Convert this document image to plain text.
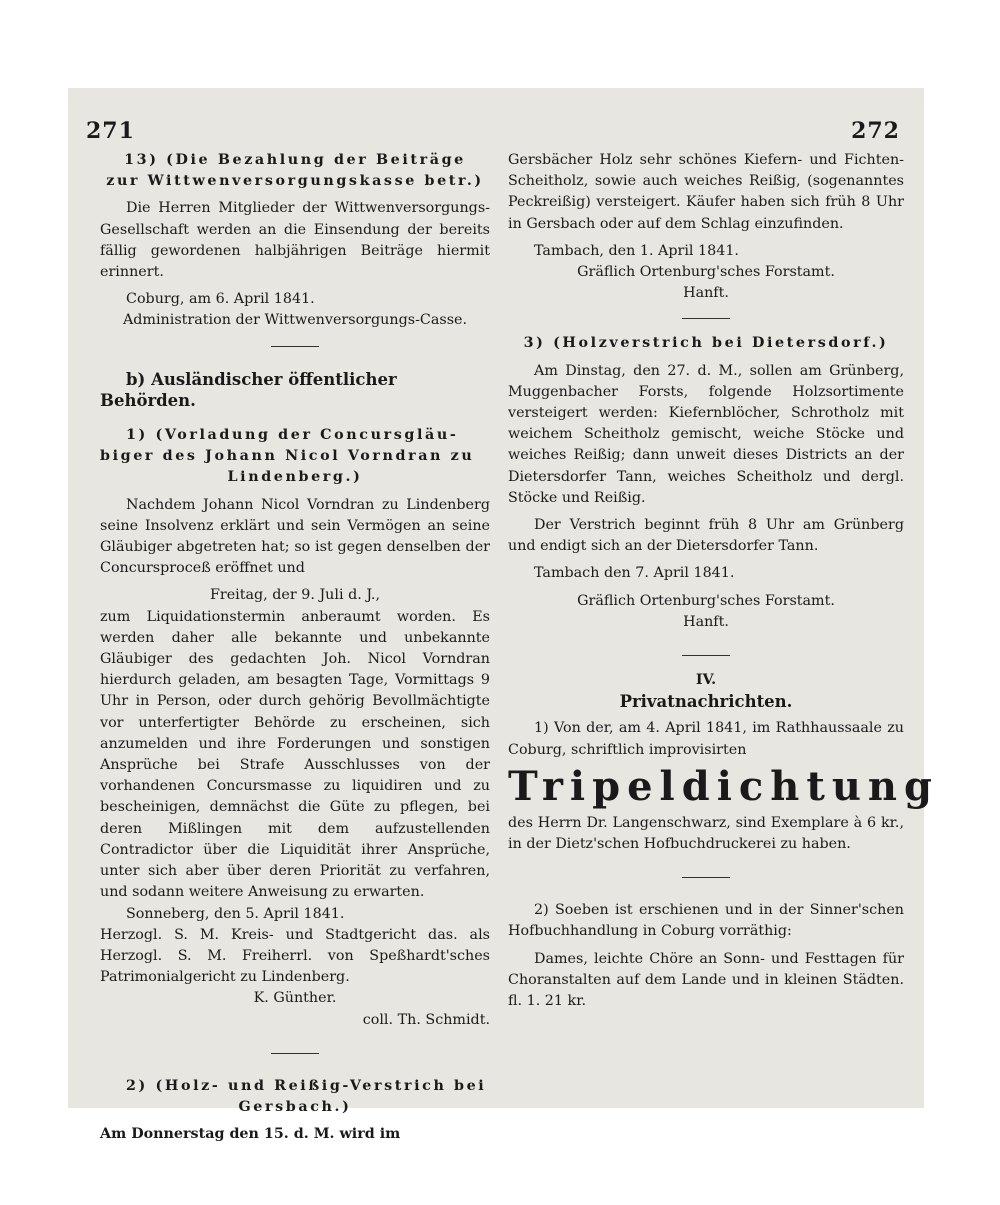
271	272

13) (Die Bezahlung der Beiträge

zur Wittwenversorgungskasse betr.)

Die Herren Mitglieder der Wittwenversorgungs-Gesellschaft werden an die Einsendung der bereits fällig gewordenen halbjährigen Beiträge hiermit erinnert.

Coburg, am 6. April 1841.

Administration der Wittwenversorgungs-Casse.

b) Ausländischer öffentlicher Behörden.

1) (Vorladung der Concursgläu-

biger des Johann Nicol Vorndran zu

Lindenberg.)

Nachdem Johann Nicol Vorndran zu Lindenberg seine Insolvenz erklärt und sein Vermögen an seine Gläubiger abgetreten hat; so ist gegen denselben der Concursproceß eröffnet und

Freitag, der 9. Juli d. J.,

zum Liquidationstermin anberaumt worden. Es werden daher alle bekannte und unbekannte Gläubiger des gedachten Joh. Nicol Vorndran hierdurch geladen, am besagten Tage, Vormittags 9 Uhr in Person, oder durch gehörig Bevollmächtigte vor unterfertigter Behörde zu erscheinen, sich anzumelden und ihre Forderungen und sonstigen Ansprüche bei Strafe Ausschlusses von der vorhandenen Concursmasse zu liquidiren und zu bescheinigen, demnächst die Güte zu pflegen, bei deren Mißlingen mit dem aufzustellenden Contradictor über die Liquidität ihrer Ansprüche, unter sich aber über deren Priorität zu verfahren, und sodann weitere Anweisung zu erwarten.

Sonneberg, den 5. April 1841.

Herzogl. S. M. Kreis- und Stadtgericht das. als Herzogl. S. M. Freiherrl. von Speßhardt'sches Patrimonialgericht zu Lindenberg.

K. Günther.

coll. Th. Schmidt.

2) (Holz- und Reißig-Verstrich bei

Gersbach.)

Am Donnerstag den 15. d. M. wird im

Gersbächer Holz sehr schönes Kiefern- und Fichten-Scheitholz, sowie auch weiches Reißig, (sogenanntes Peckreißig) versteigert. Käufer haben sich früh 8 Uhr in Gersbach oder auf dem Schlag einzufinden.

Tambach, den 1. April 1841.

Gräflich Ortenburg'sches Forstamt.

Hanft.

3) (Holzverstrich bei Dietersdorf.)

Am Dinstag, den 27. d. M., sollen am Grünberg, Muggenbacher Forsts, folgende Holzsortimente versteigert werden: Kiefernblöcher, Schrotholz mit weichem Scheitholz gemischt, weiche Stöcke und weiches Reißig; dann unweit dieses Districts an der Dietersdorfer Tann, weiches Scheitholz und dergl. Stöcke und Reißig.

Der Verstrich beginnt früh 8 Uhr am Grünberg und endigt sich an der Dietersdorfer Tann.

Tambach den 7. April 1841.

Gräflich Ortenburg'sches Forstamt.

Hanft.

IV.

Privatnachrichten.

1) Von der, am 4. April 1841, im Rathhaussaale zu Coburg, schriftlich improvisirten

Tripeldichtung

des Herrn Dr. Langenschwarz, sind Exemplare à 6 kr., in der Dietz'schen Hofbuchdruckerei zu haben.

2) Soeben ist erschienen und in der Sinner'schen Hofbuchhandlung in Coburg vorräthig:

Dames, leichte Chöre an Sonn- und Festtagen für Choranstalten auf dem Lande und in kleinen Städten. fl. 1. 21 kr.
